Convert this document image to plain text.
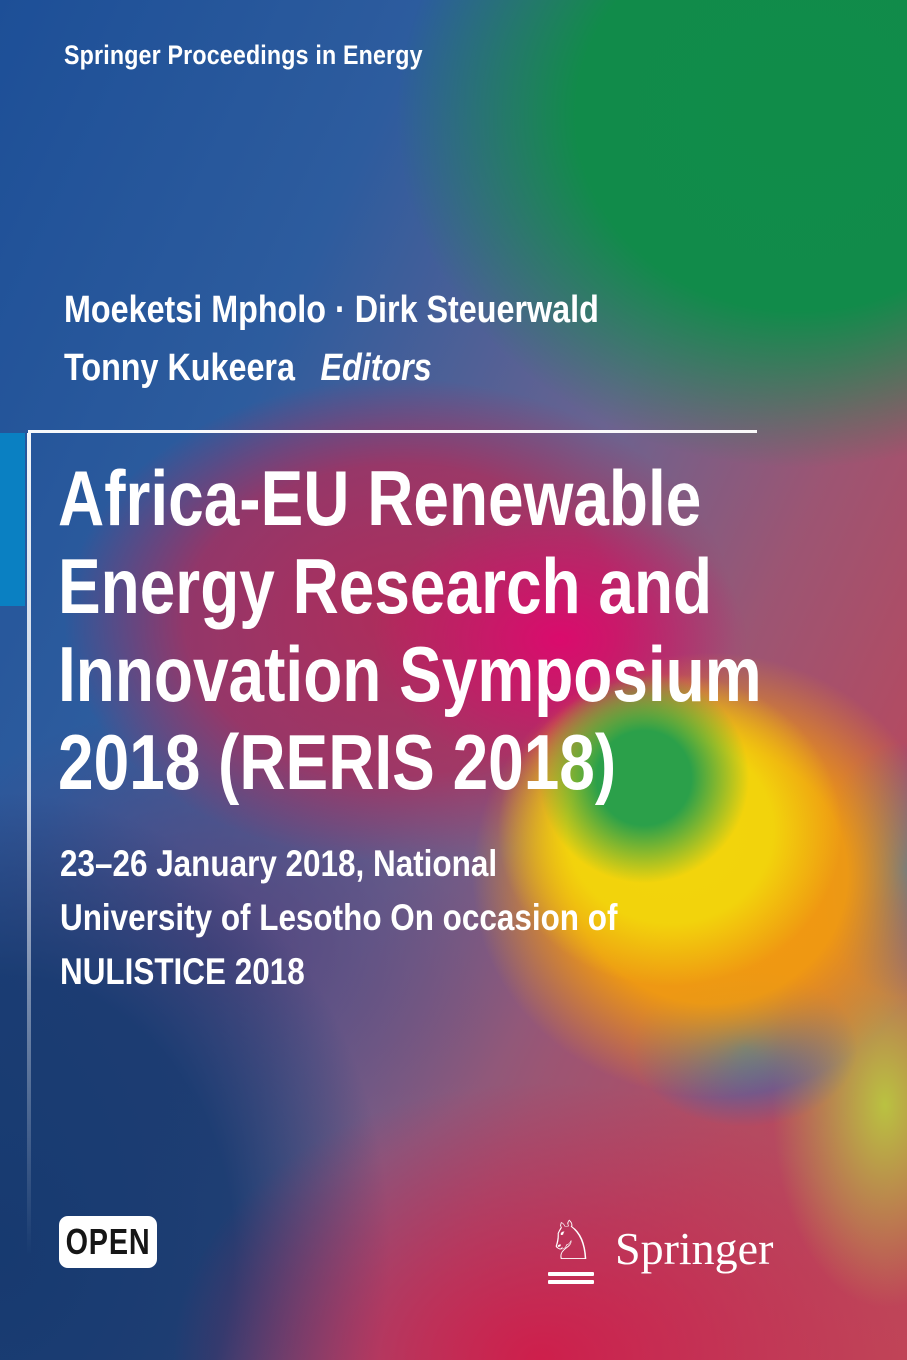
Springer Proceedings in Energy
Moeketsi Mpholo · Dirk Steuerwald
Tonny Kukeera Editors
Africa-EU Renewable
Energy Research and
Innovation Symposium
2018 (RERIS 2018)
23–26 January 2018, National
University of Lesotho On occasion of
NULISTICE 2018
OPEN	♘ Springer
